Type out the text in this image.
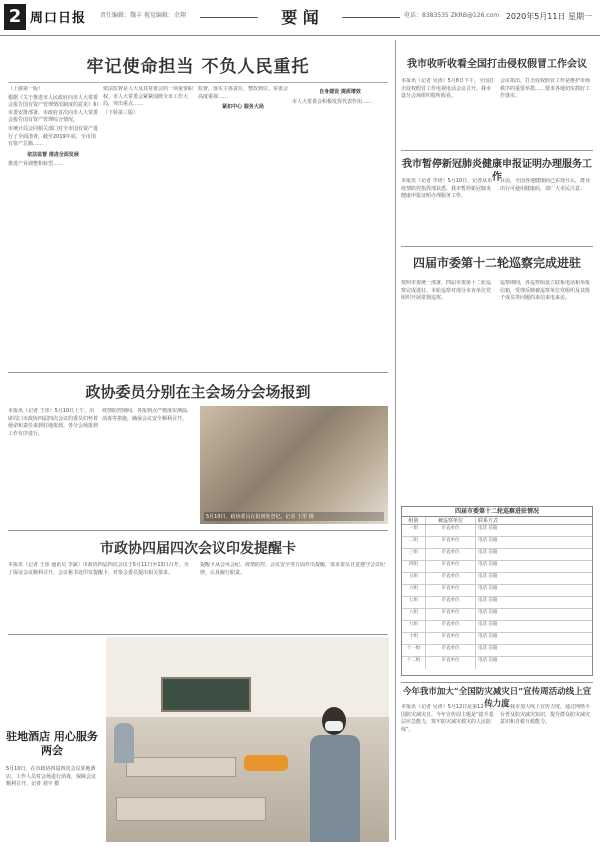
2 周口日报 责任编辑：魏丰 视觉编辑：余翔	要 闻	电话：8383535 ZKRB@126.com 2020年5月11日 星期一
牢记使命担当 不负人民重托

（上接第一版）

根据《关于推进市人民政府向市人大常委会报告国有资产管理情况制度的意见》和市委安排部署，市政府首次向市人大常委会报告国有资产管理综合情况。

市统计局会同相关部门对全市国有资产进行了全面清查，截至2019年底，全市国有资产总额……

依法监督 推进全面发展

推进产业调整和转型……

依法监督是人大及其常委会的一项重要职权。市人大常委会紧紧围绕全市工作大局，突出重点……

（下转第三版）

监督，落实主体责任，整改到位。常委会高度重视……

紧扣中心 服务大局
自身建设 提质增效

市人大常委会积极发挥代表作用……

政协委员分别在主会场分会场报到

本报讯（记者 王彤）5月10日上午，出席周口市政协四届四次会议的委员们怀着使命和责任来到驻地报到。各分会场报到工作有序进行。

疫情防控期间，各报到点严格落实测温、消毒等措施，确保会议安全顺利召开。

5月10日，政协委员在报到处登记。记者 王彤 摄
市政协四届四次会议印发提醒卡

本报讯（记者 王彤 通讯员 李斌）市政协四届四次会议于5月11日至13日召开。为了保证会议顺利召开，会议秘书处印发提醒卡，对参会委员提出相关要求。

提醒卡从会风会纪、疫情防控、会议安全等方面作出提醒，要求委员自觉遵守会议纪律，认真履行职责。

驻地酒店 用心服务两会
5月10日，在市政协四届四次会议驻地酒店，工作人员对会场进行消毒，保障会议顺利召开。记者 刘宇 摄
我市收听收看全国打击侵权假冒工作会议

本报讯（记者 吴涛）5月8日下午，全国打击侵权假冒工作电视电话会议召开。我市设分会场组织收听收看。

会议指出，打击侵权假冒工作是维护市场秩序的重要举措……要求各地切实抓好工作落实。

我市暂停新冠肺炎健康申报证明办理服务工作

本报讯（记者 李涛）5月10日，记者从市疫情防控指挥部获悉，我市暂停新冠肺炎健康申报证明办理服务工作。

目前，全国各地健康码已实现互认，群众出行可使用健康码，请广大市民注意。

四届市委第十二轮巡察完成进驻

按照市委统一部署，四届市委第十二轮巡察完成进驻。本轮巡察对部分市直单位党组织开展常规巡察。

巡察期间，各巡察组设立联系电话和举报信箱，受理反映被巡察单位党组织及其班子成员等问题的来信来电来访。

四届市委第十二轮巡察进驻情况
组别	被巡察单位	联系方式
一组	市直单位	电话 信箱
二组	市直单位	电话 信箱
三组	市直单位	电话 信箱
四组	市直单位	电话 信箱
五组	市直单位	电话 信箱
六组	市直单位	电话 信箱
七组	市直单位	电话 信箱
八组	市直单位	电话 信箱
九组	市直单位	电话 信箱
十组	市直单位	电话 信箱
十一组	市直单位	电话 信箱
十二组	市直单位	电话 信箱
今年我市加大“全国防灾减灾日”宣传周活动线上宣传力度

本报讯（记者 吴涛）5月12日是第12个全国防灾减灾日。今年宣传周主题是“提升基层应急能力，筑牢防灾减灾救灾的人民防线”。

今年我市加大线上宣传力度，通过网络平台普及防灾减灾知识，提升群众防灾减灾意识和自救互救能力。
